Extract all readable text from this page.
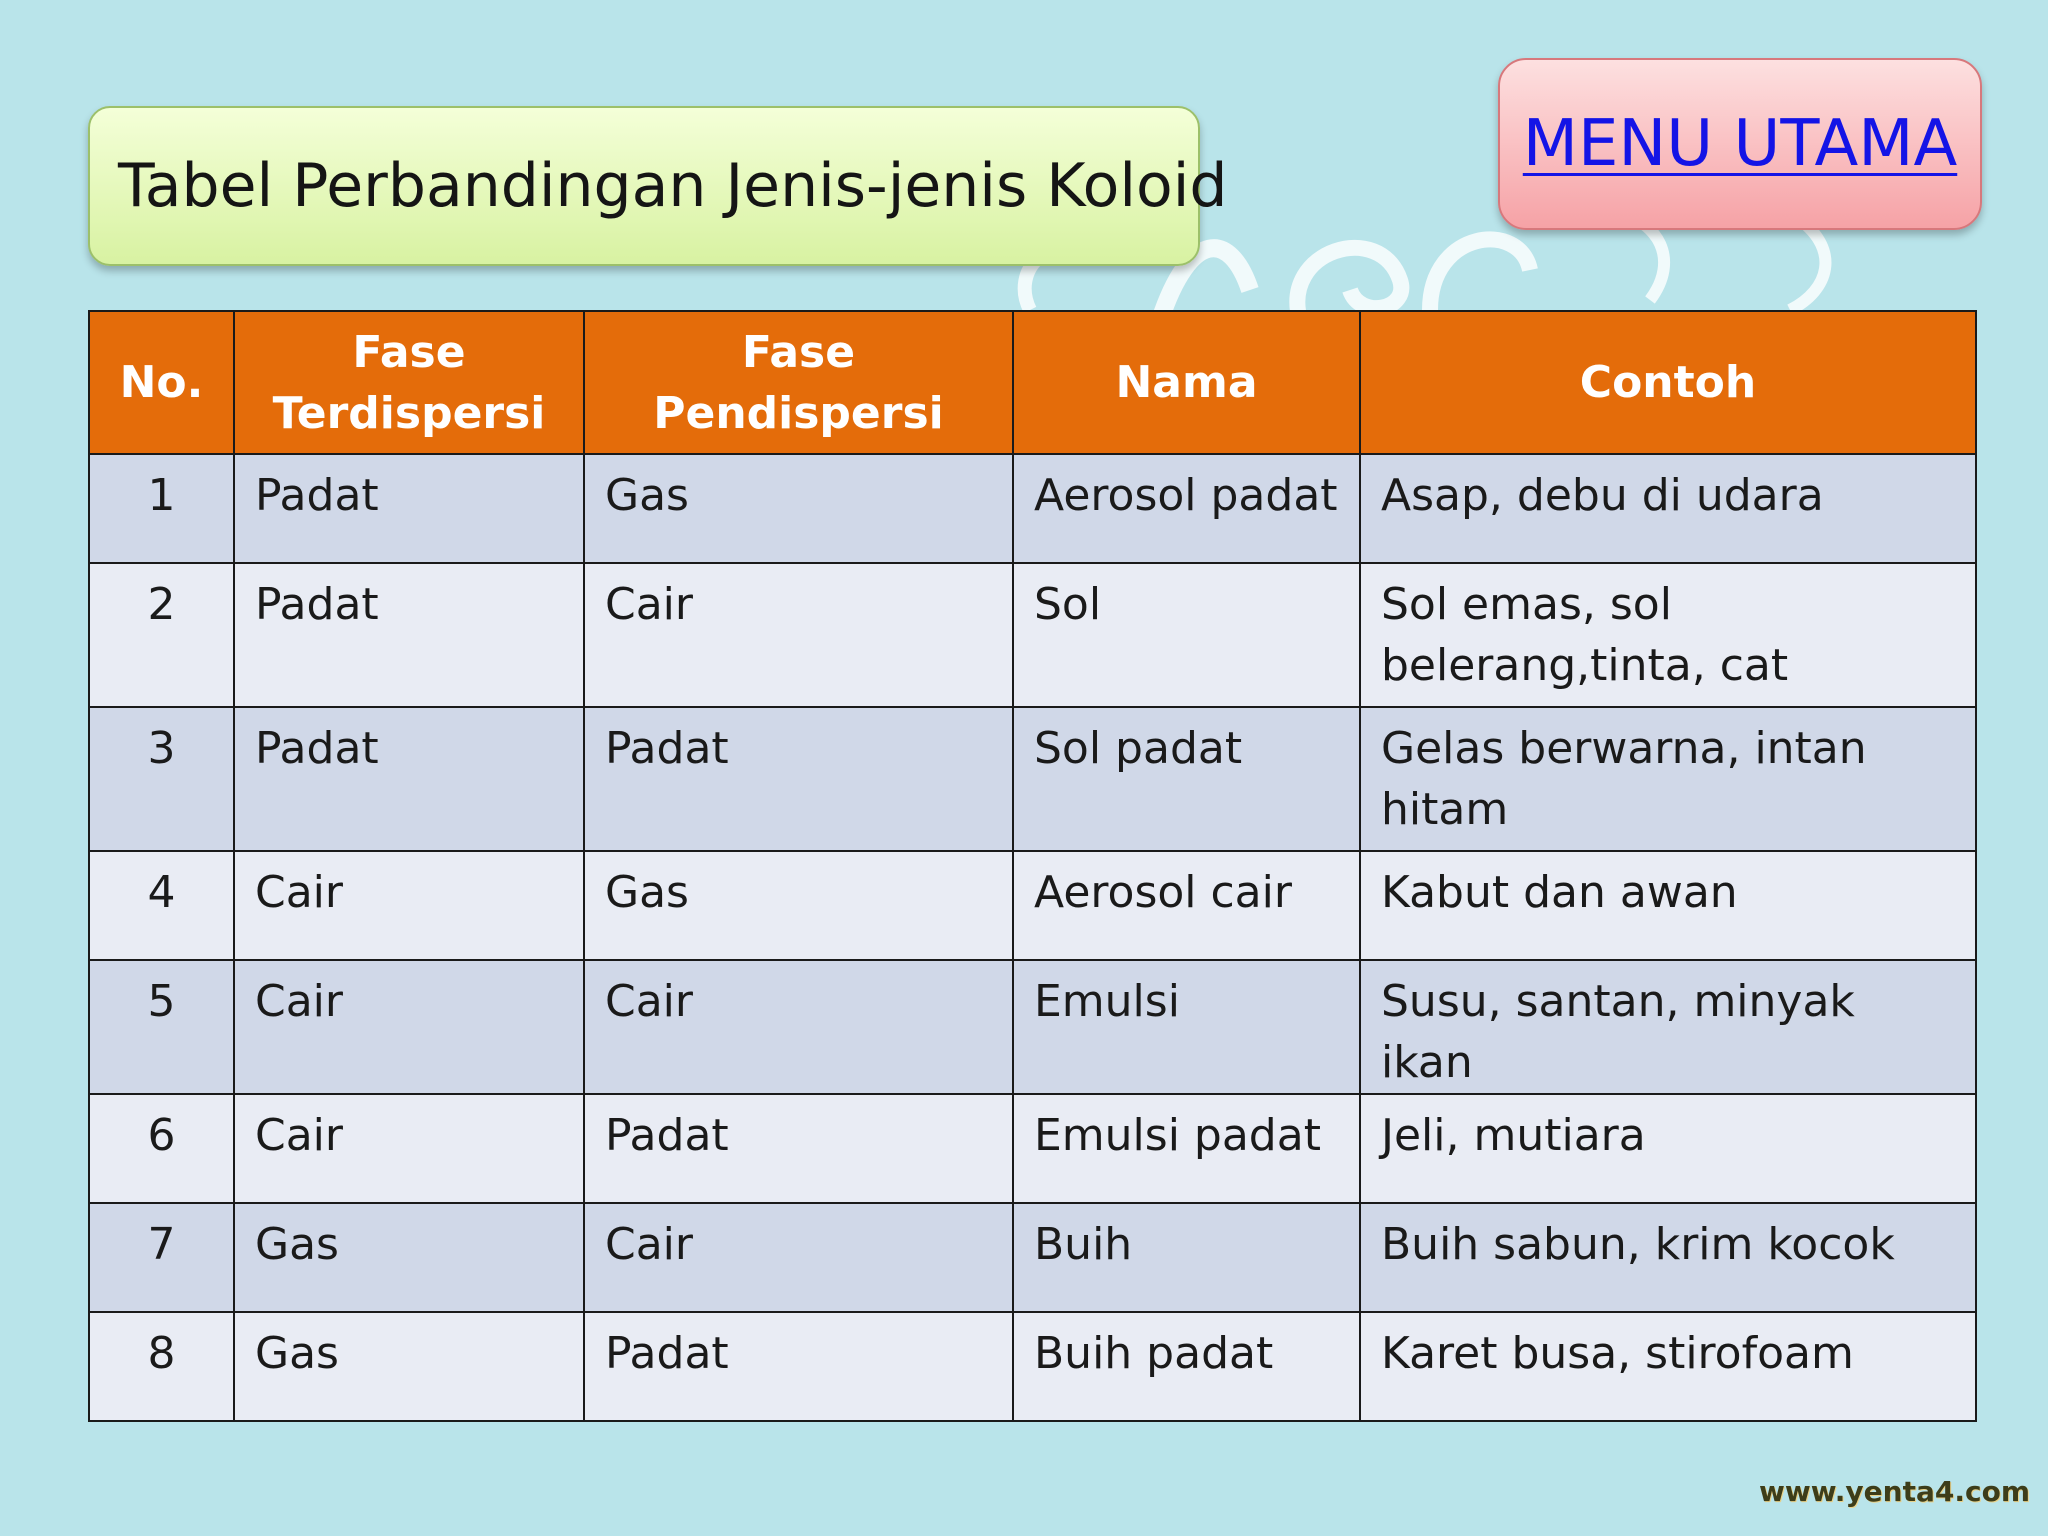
Tabel Perbandingan Jenis-jenis Koloid
MENU UTAMA
No.	Fase Terdispersi	Fase Pendispersi	Nama	Contoh
1	Padat	Gas	Aerosol padat	Asap, debu di udara
2	Padat	Cair	Sol	Sol emas, sol belerang,tinta, cat
3	Padat	Padat	Sol padat	Gelas berwarna, intan hitam
4	Cair	Gas	Aerosol cair	Kabut dan awan
5	Cair	Cair	Emulsi	Susu, santan, minyak ikan
6	Cair	Padat	Emulsi padat	Jeli, mutiara
7	Gas	Cair	Buih	Buih sabun, krim kocok
8	Gas	Padat	Buih padat	Karet busa, stirofoam
www.yenta4.com
